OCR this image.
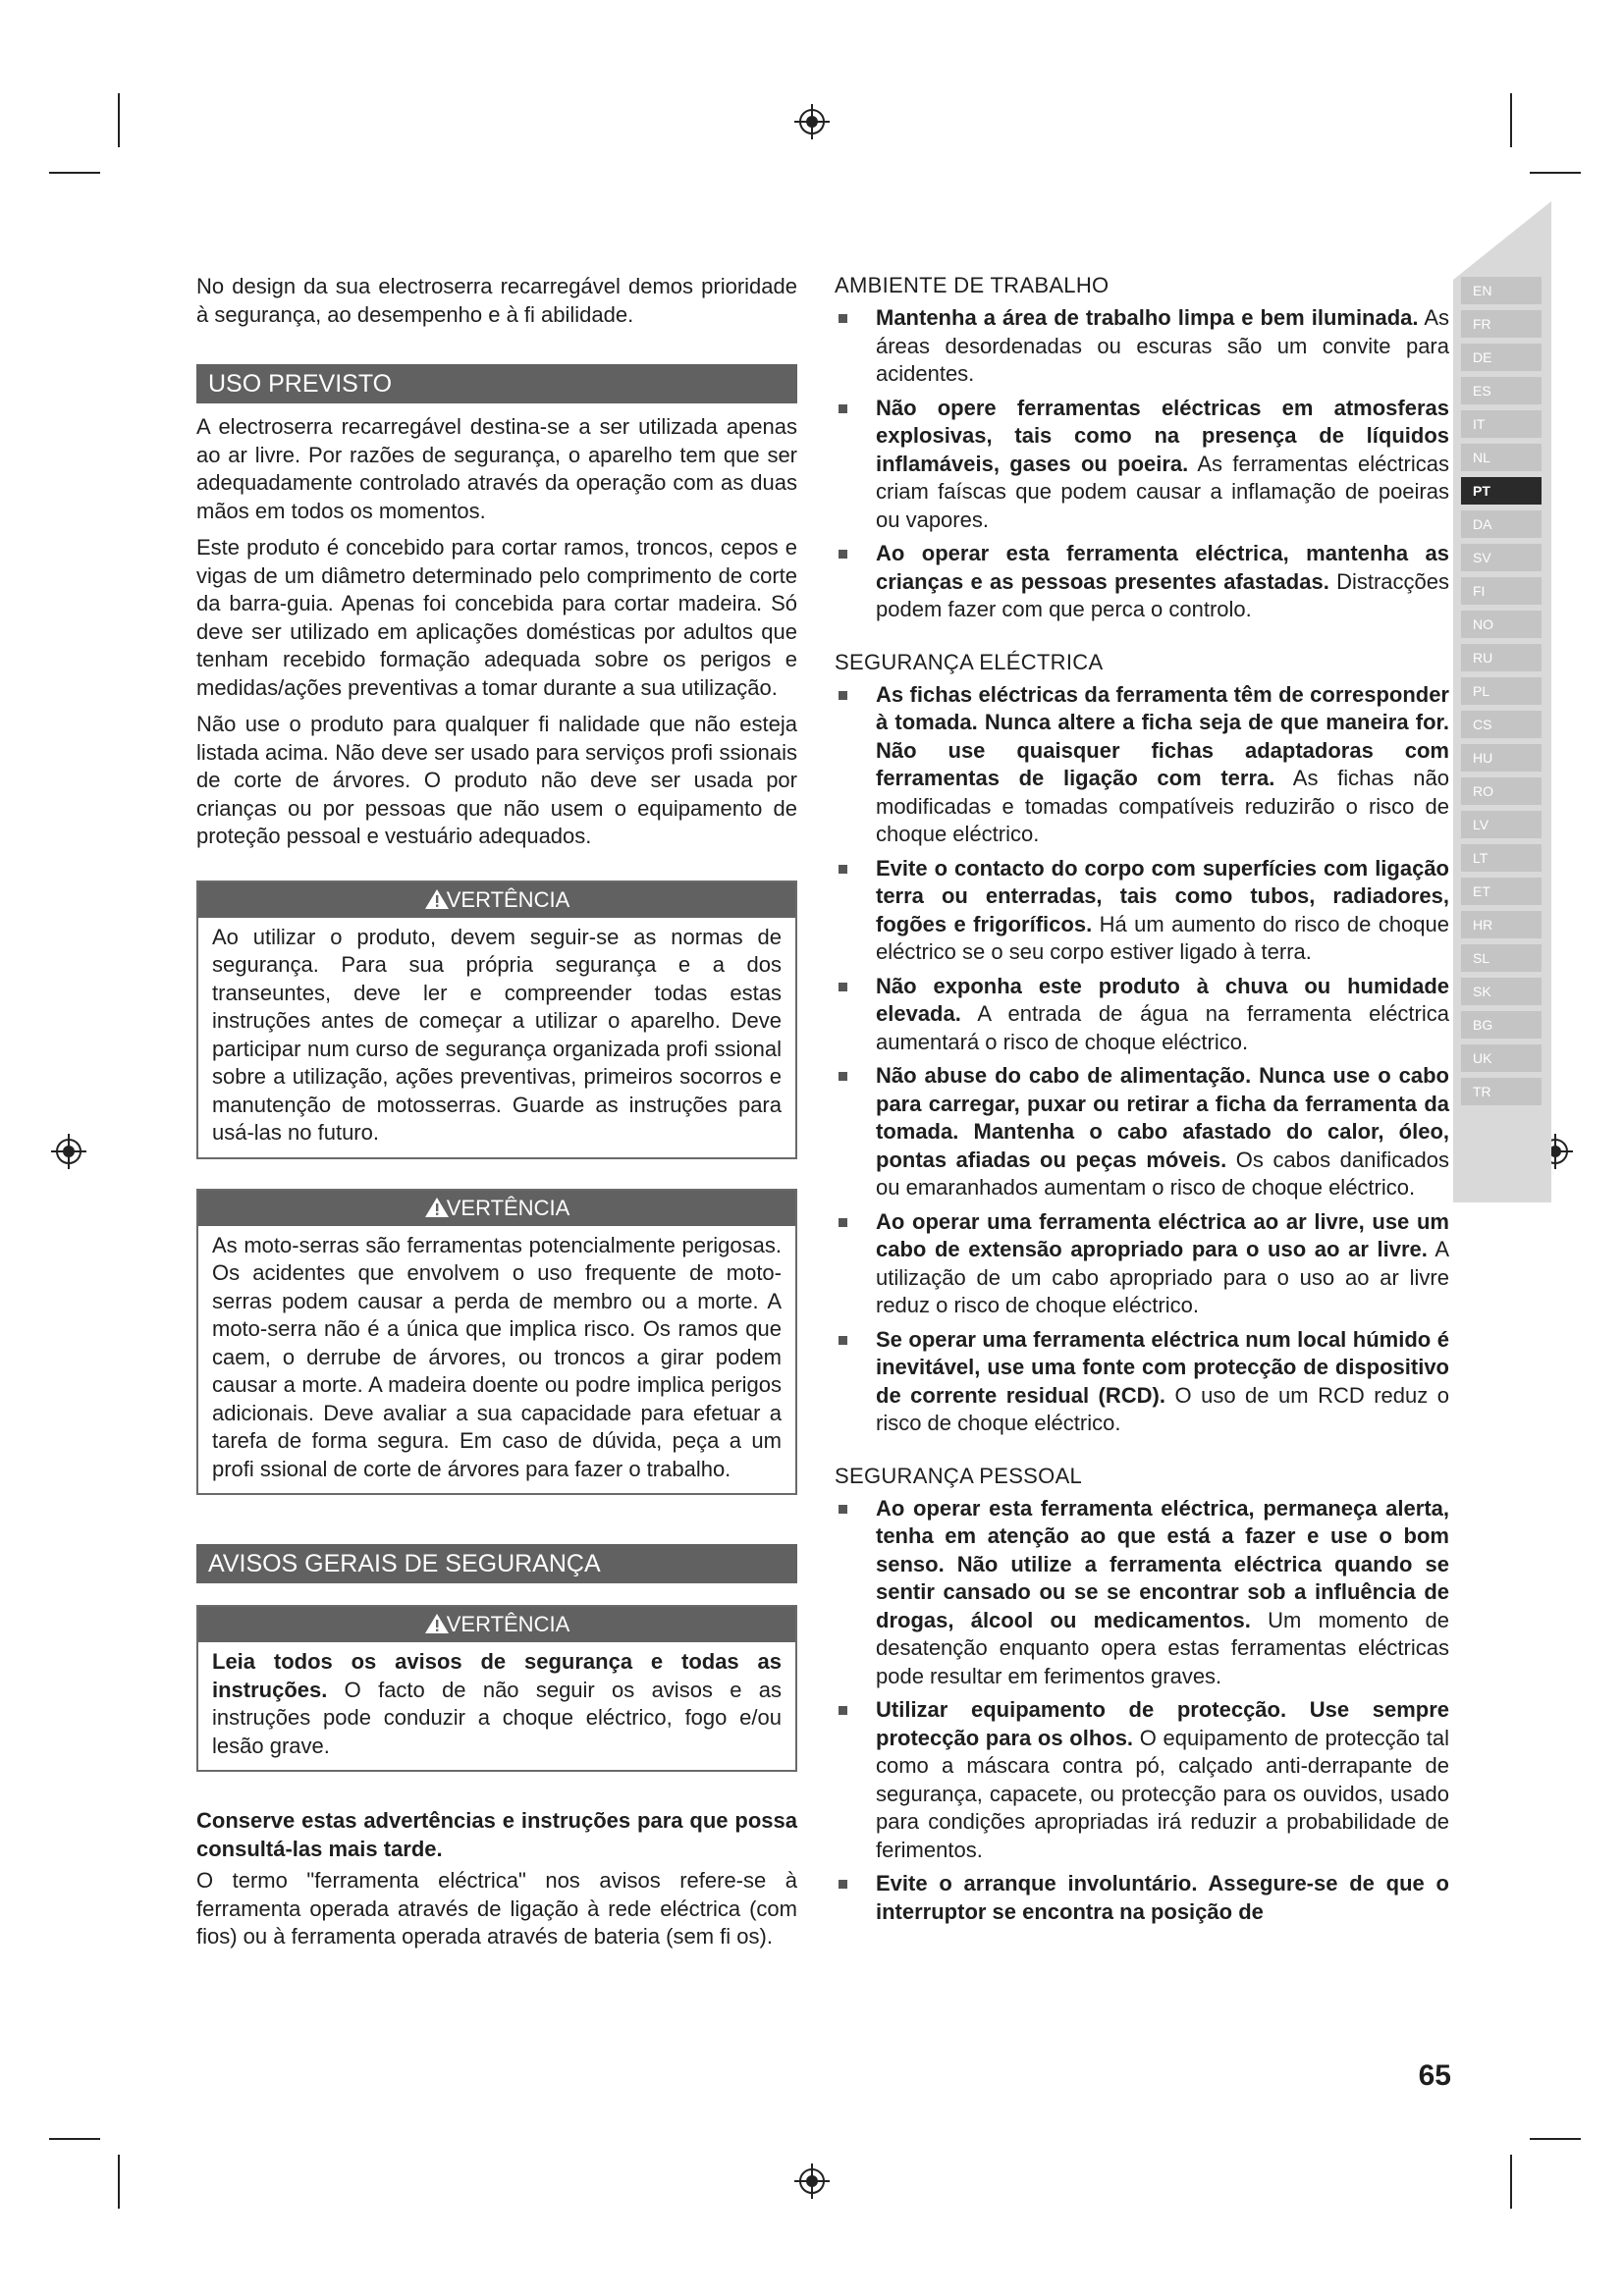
No design da sua electroserra recarregável demos prioridade à segurança, ao desempenho e à fi abilidade.

USO PREVISTO

A electroserra recarregável destina-se a ser utilizada apenas ao ar livre. Por razões de segurança, o aparelho tem que ser adequadamente controlado através da operação com as duas mãos em todos os momentos.

Este produto é concebido para cortar ramos, troncos, cepos e vigas de um diâmetro determinado pelo comprimento de corte da barra-guia. Apenas foi concebida para cortar madeira. Só deve ser utilizado em aplicações domésticas por adultos que tenham recebido formação adequada sobre os perigos e medidas/ações preventivas a tomar durante a sua utilização.

Não use o produto para qualquer fi nalidade que não esteja listada acima. Não deve ser usado para serviços profi ssionais de corte de árvores. O produto não deve ser usada por crianças ou por pessoas que não usem o equipamento de proteção pessoal e vestuário adequados.

VERTÊNCIA

Ao utilizar o produto, devem seguir-se as normas de segurança. Para sua própria segurança e a dos transeuntes, deve ler e compreender todas estas instruções antes de começar a utilizar o aparelho. Deve participar num curso de segurança organizada profi ssional sobre a utilização, ações preventivas, primeiros socorros e manutenção de motosserras. Guarde as instruções para usá-las no futuro.

VERTÊNCIA

As moto-serras são ferramentas potencialmente perigosas. Os acidentes que envolvem o uso frequente de moto-serras podem causar a perda de membro ou a morte. A moto-serra não é a única que implica risco. Os ramos que caem, o derrube de árvores, ou troncos a girar podem causar a morte. A madeira doente ou podre implica perigos adicionais. Deve avaliar a sua capacidade para efetuar a tarefa de forma segura. Em caso de dúvida, peça a um profi ssional de corte de árvores para fazer o trabalho.

AVISOS GERAIS DE SEGURANÇA
VERTÊNCIA

Leia todos os avisos de segurança e todas as instruções. O facto de não seguir os avisos e as instruções pode conduzir a choque eléctrico, fogo e/ou lesão grave.

Conserve estas advertências e instruções para que possa consultá-las mais tarde.

O termo "ferramenta eléctrica" nos avisos refere-se à ferramenta operada através de ligação à rede eléctrica (com fios) ou à ferramenta operada através de bateria (sem fi os).

AMBIENTE DE TRABALHO
Mantenha a área de trabalho limpa e bem iluminada. As áreas desordenadas ou escuras são um convite para acidentes.
Não opere ferramentas eléctricas em atmosferas explosivas, tais como na presença de líquidos inflamáveis, gases ou poeira. As ferramentas eléctricas criam faíscas que podem causar a inflamação de poeiras ou vapores.
Ao operar esta ferramenta eléctrica, mantenha as crianças e as pessoas presentes afastadas. Distracções podem fazer com que perca o controlo.
SEGURANÇA ELÉCTRICA
As fichas eléctricas da ferramenta têm de corresponder à tomada. Nunca altere a ficha seja de que maneira for. Não use quaisquer fichas adaptadoras com ferramentas de ligação com terra. As fichas não modificadas e tomadas compatíveis reduzirão o risco de choque eléctrico.
Evite o contacto do corpo com superfícies com ligação terra ou enterradas, tais como tubos, radiadores, fogões e frigoríficos. Há um aumento do risco de choque eléctrico se o seu corpo estiver ligado à terra.
Não exponha este produto à chuva ou humidade elevada. A entrada de água na ferramenta eléctrica aumentará o risco de choque eléctrico.
Não abuse do cabo de alimentação. Nunca use o cabo para carregar, puxar ou retirar a ficha da ferramenta da tomada. Mantenha o cabo afastado do calor, óleo, pontas afiadas ou peças móveis. Os cabos danificados ou emaranhados aumentam o risco de choque eléctrico.
Ao operar uma ferramenta eléctrica ao ar livre, use um cabo de extensão apropriado para o uso ao ar livre. A utilização de um cabo apropriado para o uso ao ar livre reduz o risco de choque eléctrico.
Se operar uma ferramenta eléctrica num local húmido é inevitável, use uma fonte com protecção de dispositivo de corrente residual (RCD). O uso de um RCD reduz o risco de choque eléctrico.
SEGURANÇA PESSOAL
Ao operar esta ferramenta eléctrica, permaneça alerta, tenha em atenção ao que está a fazer e use o bom senso. Não utilize a ferramenta eléctrica quando se sentir cansado ou se se encontrar sob a influência de drogas, álcool ou medicamentos. Um momento de desatenção enquanto opera estas ferramentas eléctricas pode resultar em ferimentos graves.
Utilizar equipamento de protecção. Use sempre protecção para os olhos. O equipamento de protecção tal como a máscara contra pó, calçado anti-derrapante de segurança, capacete, ou protecção para os ouvidos, usado para condições apropriadas irá reduzir a probabilidade de ferimentos.
Evite o arranque involuntário. Assegure-se de que o interruptor se encontra na posição de
EN
FR
DE
ES
IT
NL
PT
DA
SV
FI
NO
RU
PL
CS
HU
RO
LV
LT
ET
HR
SL
SK
BG
UK
TR
65
